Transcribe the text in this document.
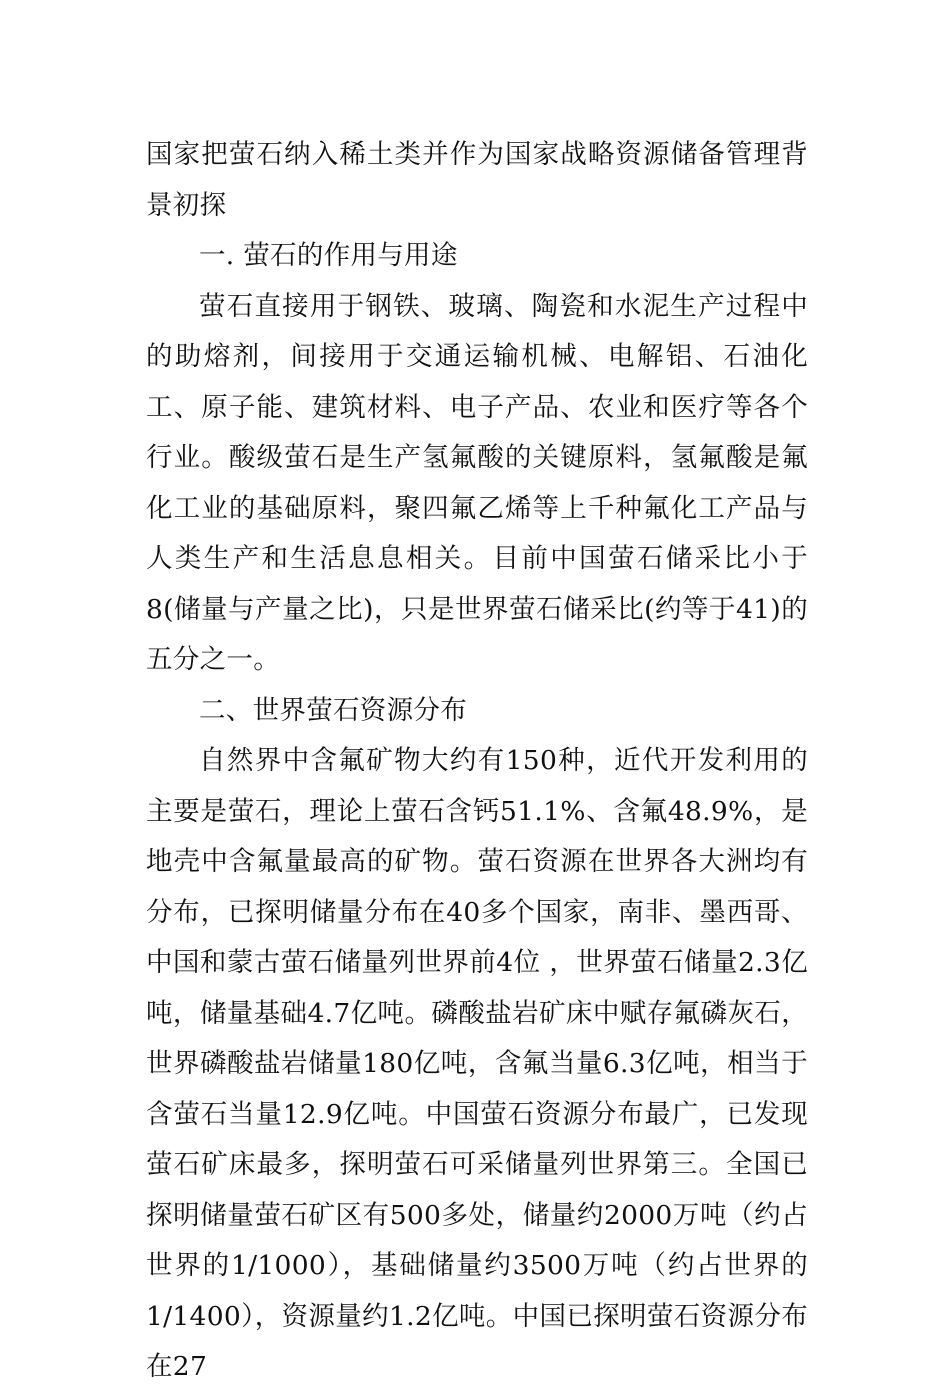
国家把萤石纳入稀土类并作为国家战略资源储备管理背景初探

一. 萤石的作用与用途

萤石直接用于钢铁、玻璃、陶瓷和水泥生产过程中的助熔剂，间接用于交通运输机械、电解铝、石油化工、原子能、建筑材料、电子产品、农业和医疗等各个行业。酸级萤石是生产氢氟酸的关键原料，氢氟酸是氟化工业的基础原料，聚四氟乙烯等上千种氟化工产品与人类生产和生活息息相关。目前中国萤石储采比小于8(储量与产量之比)，只是世界萤石储采比(约等于41)的五分之一。

二、世界萤石资源分布

自然界中含氟矿物大约有150种，近代开发利用的主要是萤石，理论上萤石含钙51.1%、含氟48.9%，是地壳中含氟量最高的矿物。萤石资源在世界各大洲均有分布，已探明储量分布在40多个国家，南非、墨西哥、中国和蒙古萤石储量列世界前4位 ，世界萤石储量2.3亿吨，储量基础4.7亿吨。磷酸盐岩矿床中赋存氟磷灰石，世界磷酸盐岩储量180亿吨，含氟当量6.3亿吨，相当于含萤石当量12.9亿吨。中国萤石资源分布最广，已发现萤石矿床最多，探明萤石可采储量列世界第三。全国已探明储量萤石矿区有500多处，储量约2000万吨（约占世界的1/1000），基础储量约3500万吨（约占世界的1/1400），资源量约1.2亿吨。中国已探明萤石资源分布在27
